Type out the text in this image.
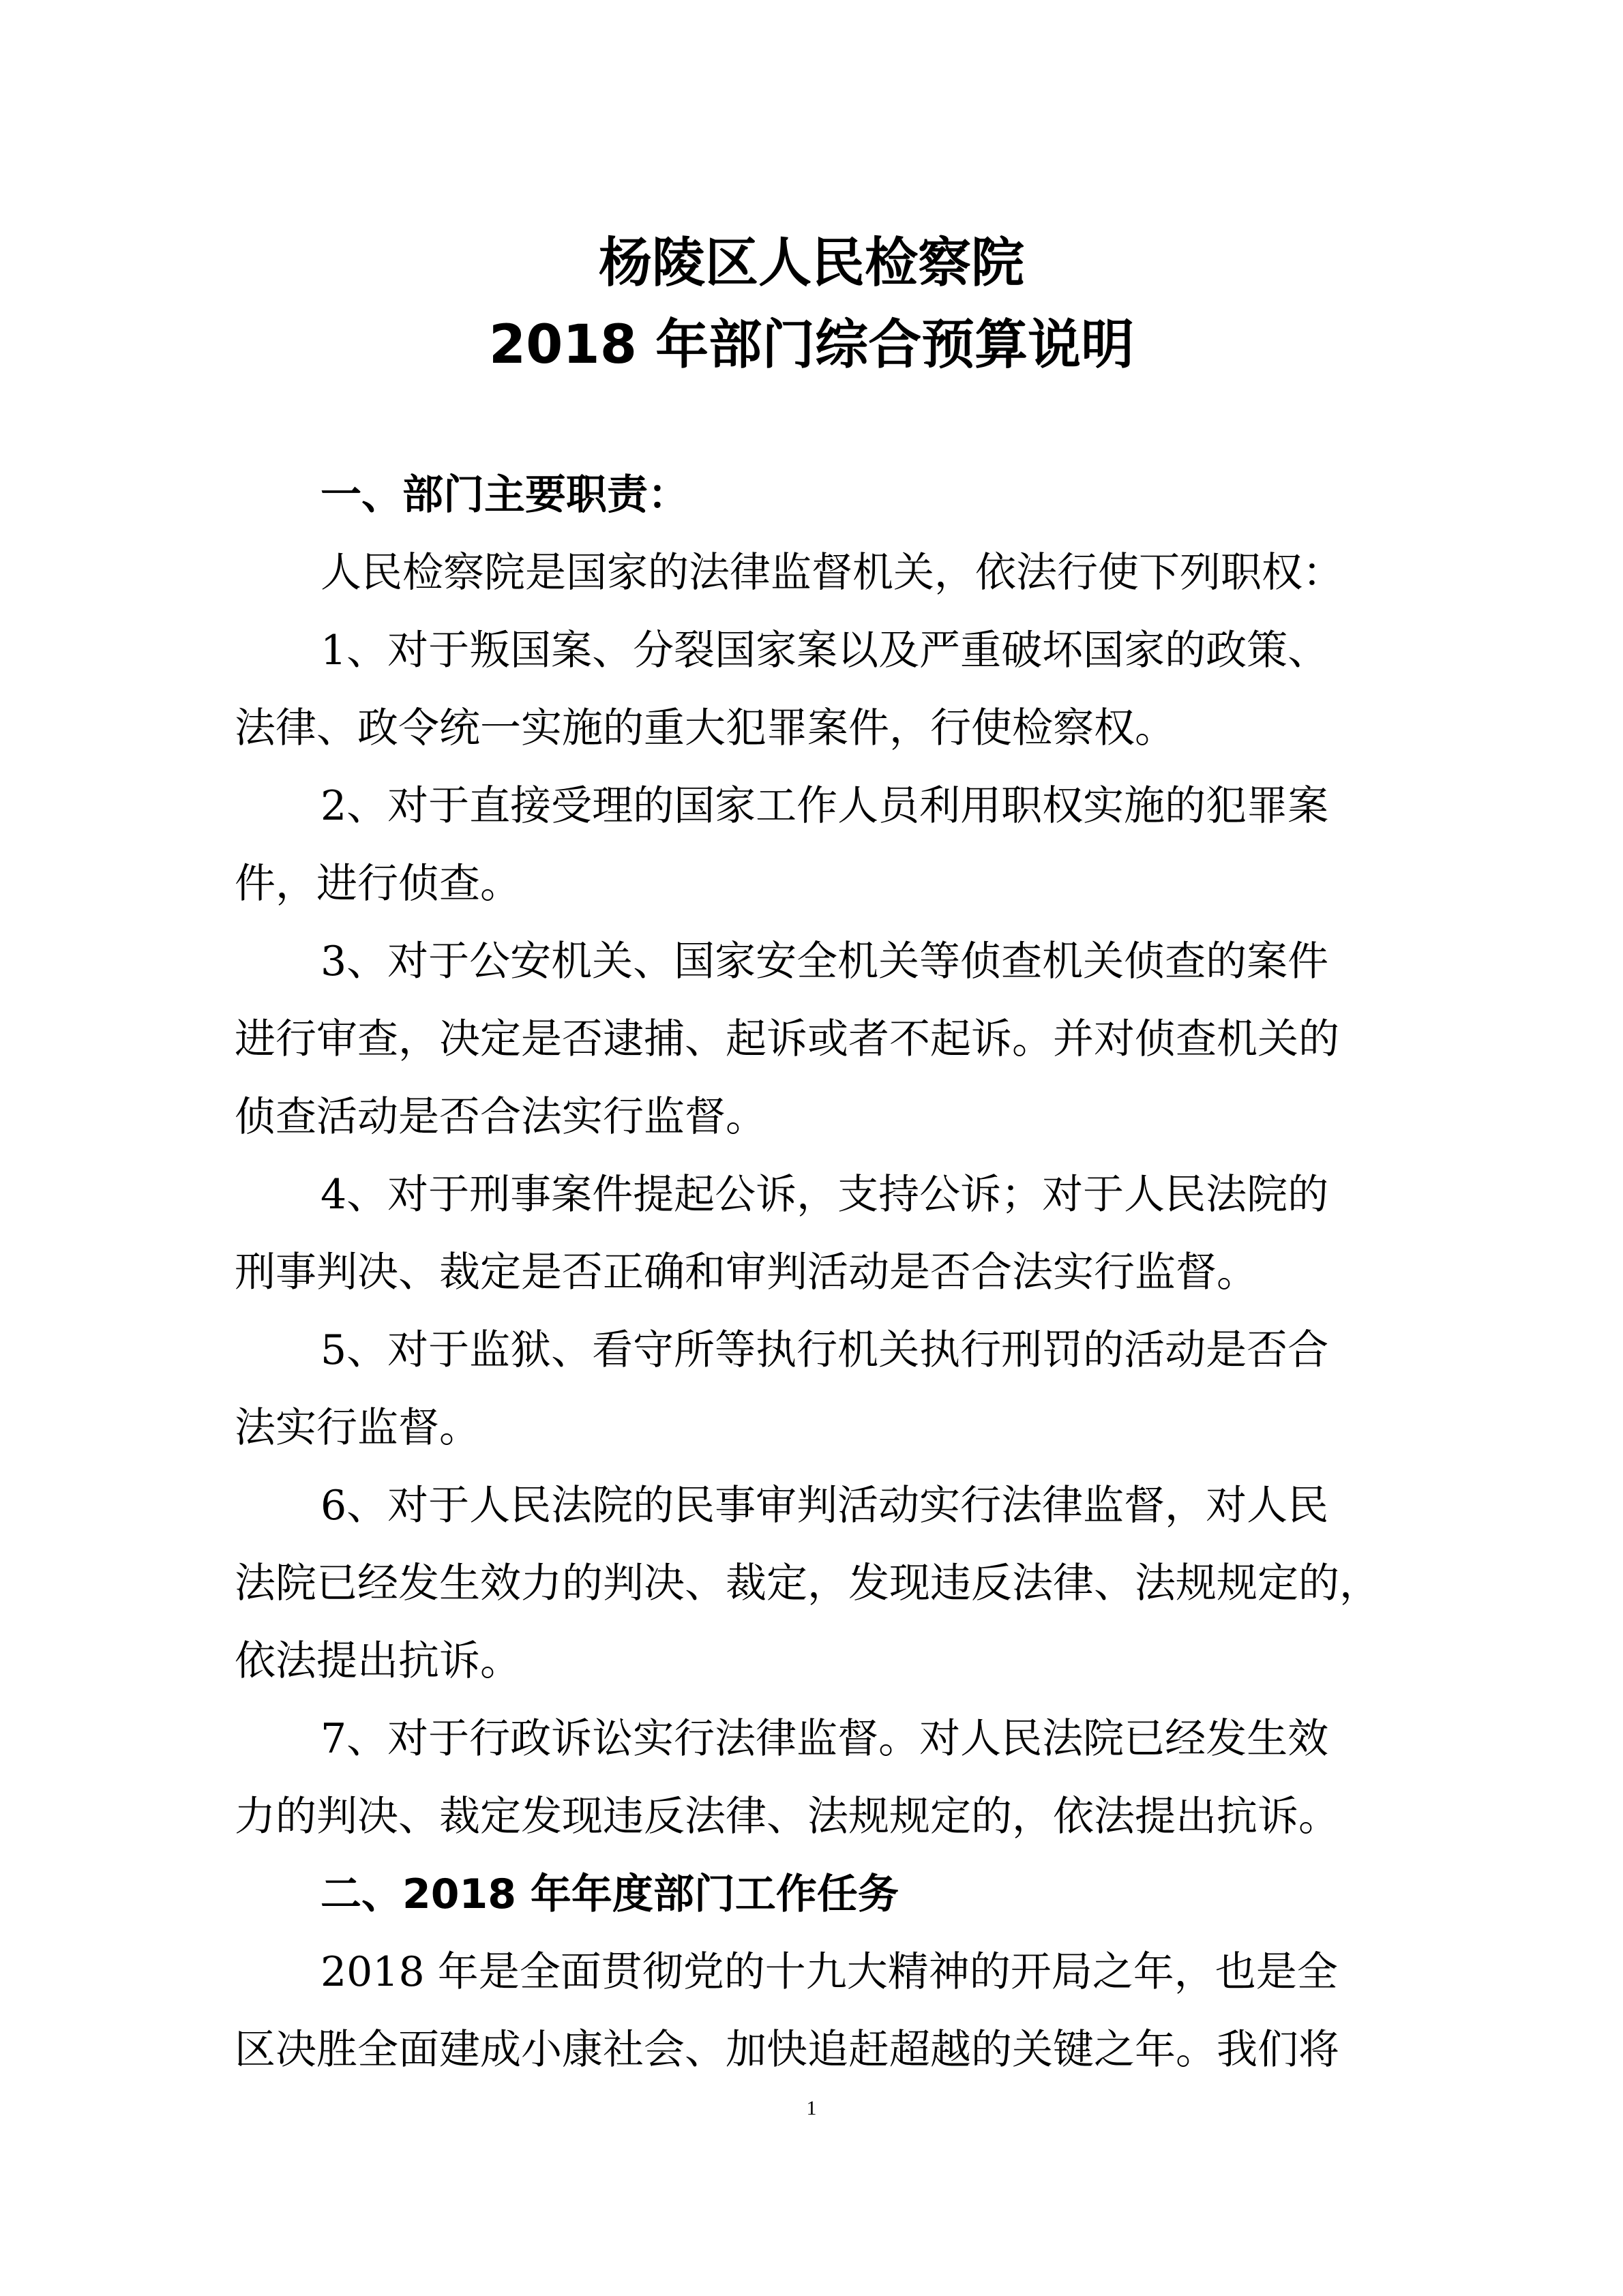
杨陵区人民检察院
2018 年部门综合预算说明
一、部门主要职责：
人民检察院是国家的法律监督机关，依法行使下列职权：
1、对于叛国案、分裂国家案以及严重破坏国家的政策、
法律、政令统一实施的重大犯罪案件，行使检察权。
2、对于直接受理的国家工作人员利用职权实施的犯罪案
件，进行侦查。
3、对于公安机关、国家安全机关等侦查机关侦查的案件
进行审查，决定是否逮捕、起诉或者不起诉。并对侦查机关的
侦查活动是否合法实行监督。
4、对于刑事案件提起公诉，支持公诉；对于人民法院的
刑事判决、裁定是否正确和审判活动是否合法实行监督。
5、对于监狱、看守所等执行机关执行刑罚的活动是否合
法实行监督。
6、对于人民法院的民事审判活动实行法律监督，对人民
法院已经发生效力的判决、裁定，发现违反法律、法规规定的，
依法提出抗诉。
7、对于行政诉讼实行法律监督。对人民法院已经发生效
力的判决、裁定发现违反法律、法规规定的，依法提出抗诉。
二、2018 年年度部门工作任务
2018 年是全面贯彻党的十九大精神的开局之年，也是全
区决胜全面建成小康社会、加快追赶超越的关键之年。我们将
1
